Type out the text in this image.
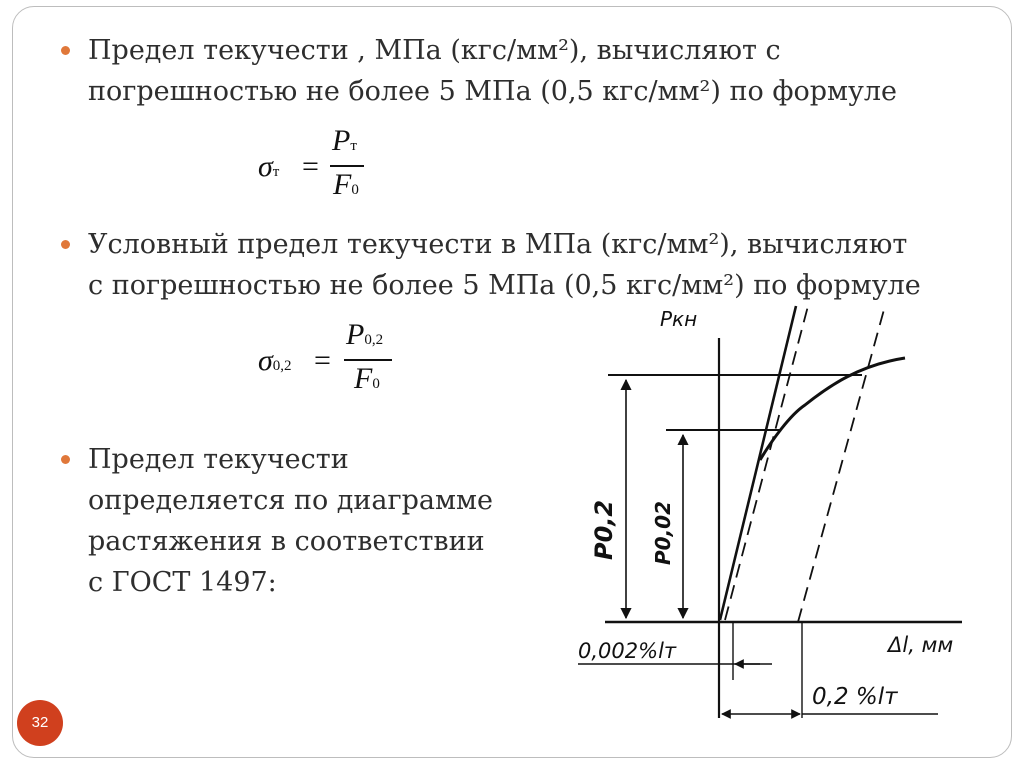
Предел текучести , МПа (кгс/мм²), вычисляют с
погрешностью не более 5 МПа (0,5 кгс/мм²) по формуле
σт =
Pт
F0
Условный предел текучести в МПа (кгс/мм²), вычисляют
с погрешностью не более 5 МПа (0,5 кгс/мм²) по формуле
σ0,2 =
P0,2
F0
Предел текучести
определяется по диаграмме
растяжения в соответствии
с ГОСТ 1497:
Pкн
Δl, мм
P0,2 P0,02
0,002%lт
0,2 %lт
32
